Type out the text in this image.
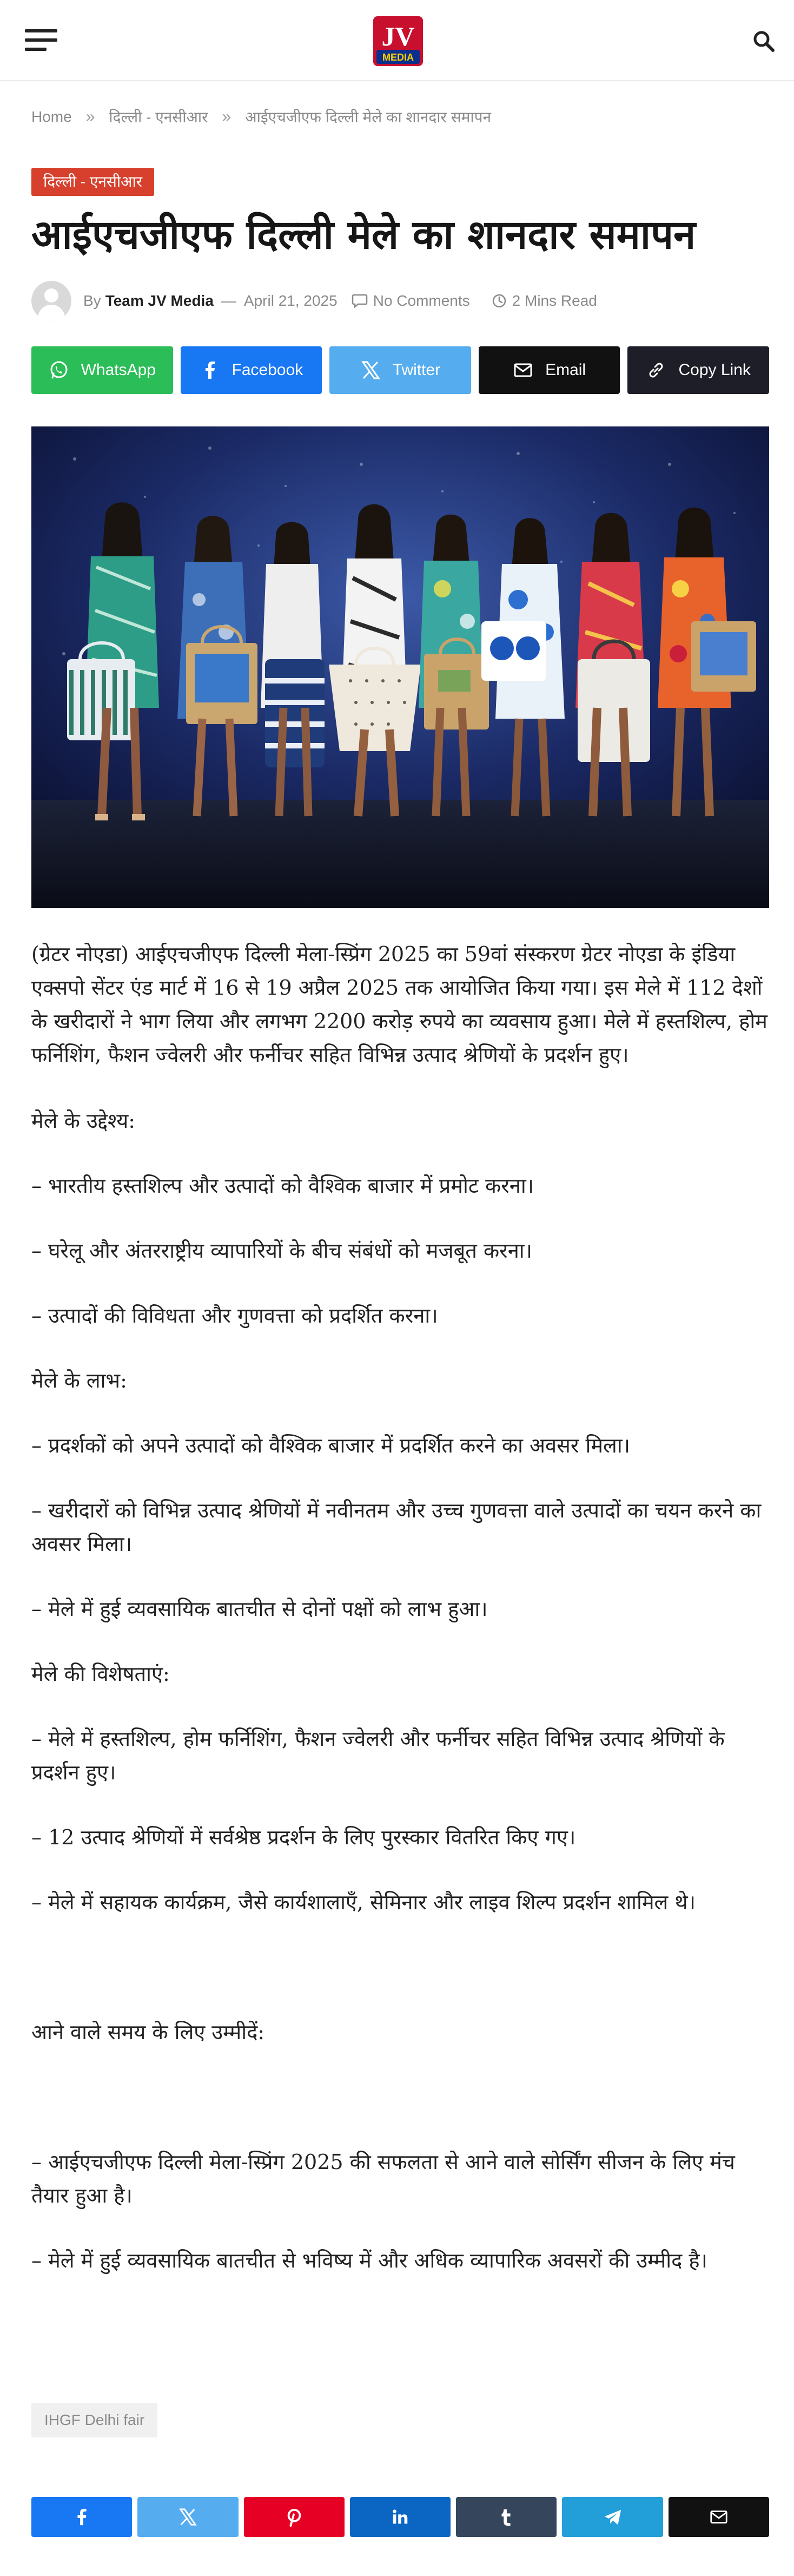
JV
MEDIA
Home » दिल्ली - एनसीआर » आईएचजीएफ दिल्ली मेले का शानदार समापन
दिल्ली - एनसीआर
आईएचजीएफ दिल्ली मेले का शानदार समापन
By Team JV Media — April 21, 2025 No Comments	2 Mins Read
WhatsApp	Facebook	Twitter	Email	Copy Link

(ग्रेटर नोएडा) आईएचजीएफ दिल्ली मेला-स्प्रिंग 2025 का 59वां संस्करण ग्रेटर नोएडा के इंडिया एक्सपो सेंटर एंड मार्ट में 16 से 19 अप्रैल 2025 तक आयोजित किया गया। इस मेले में 112 देशों के खरीदारों ने भाग लिया और लगभग 2200 करोड़ रुपये का व्यवसाय हुआ। मेले में हस्तशिल्प, होम फर्निशिंग, फैशन ज्वेलरी और फर्नीचर सहित विभिन्न उत्पाद श्रेणियों के प्रदर्शन हुए।

मेले के उद्देश्य:

– भारतीय हस्तशिल्प और उत्पादों को वैश्विक बाजार में प्रमोट करना।

– घरेलू और अंतरराष्ट्रीय व्यापारियों के बीच संबंधों को मजबूत करना।

– उत्पादों की विविधता और गुणवत्ता को प्रदर्शित करना।

मेले के लाभ:

– प्रदर्शकों को अपने उत्पादों को वैश्विक बाजार में प्रदर्शित करने का अवसर मिला।

– खरीदारों को विभिन्न उत्पाद श्रेणियों में नवीनतम और उच्च गुणवत्ता वाले उत्पादों का चयन करने का अवसर मिला।

– मेले में हुई व्यवसायिक बातचीत से दोनों पक्षों को लाभ हुआ।

मेले की विशेषताएं:

– मेले में हस्तशिल्प, होम फर्निशिंग, फैशन ज्वेलरी और फर्नीचर सहित विभिन्न उत्पाद श्रेणियों के प्रदर्शन हुए।

– 12 उत्पाद श्रेणियों में सर्वश्रेष्ठ प्रदर्शन के लिए पुरस्कार वितरित किए गए।

– मेले में सहायक कार्यक्रम, जैसे कार्यशालाएँ, सेमिनार और लाइव शिल्प प्रदर्शन शामिल थे।

आने वाले समय के लिए उम्मीदें:

– आईएचजीएफ दिल्ली मेला-स्प्रिंग 2025 की सफलता से आने वाले सोर्सिंग सीजन के लिए मंच तैयार हुआ है।

– मेले में हुई व्यवसायिक बातचीत से भविष्य में और अधिक व्यापारिक अवसरों की उम्मीद है।

IHGF Delhi fair
